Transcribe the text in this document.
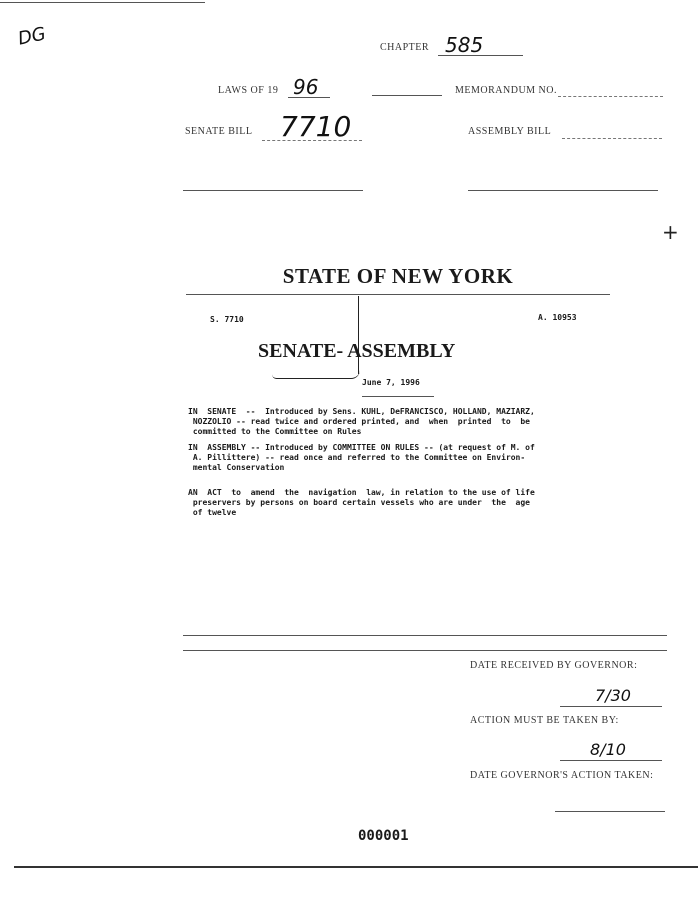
DG
+
CHAPTER 585
LAWS OF 19 96	MEMORANDUM NO.
SENATE BILL 7710	ASSEMBLY BILL
STATE OF NEW YORK
S. 7710	A. 10953
SENATE- ASSEMBLY
June 7, 1996
IN  SENATE  --  Introduced by Sens. KUHL, DeFRANCISCO, HOLLAND, MAZIARZ,
NOZZOLIO -- read twice and ordered printed, and  when  printed  to  be
committed to the Committee on Rules
IN  ASSEMBLY -- Introduced by COMMITTEE ON RULES -- (at request of M. of
A. Pillittere) -- read once and referred to the Committee on Environ-
mental Conservation
AN  ACT  to  amend  the  navigation  law, in relation to the use of life
preservers by persons on board certain vessels who are under  the  age
of twelve
DATE RECEIVED BY GOVERNOR:
7/30
ACTION MUST BE TAKEN BY:
8/10
DATE GOVERNOR'S ACTION TAKEN:
000001
